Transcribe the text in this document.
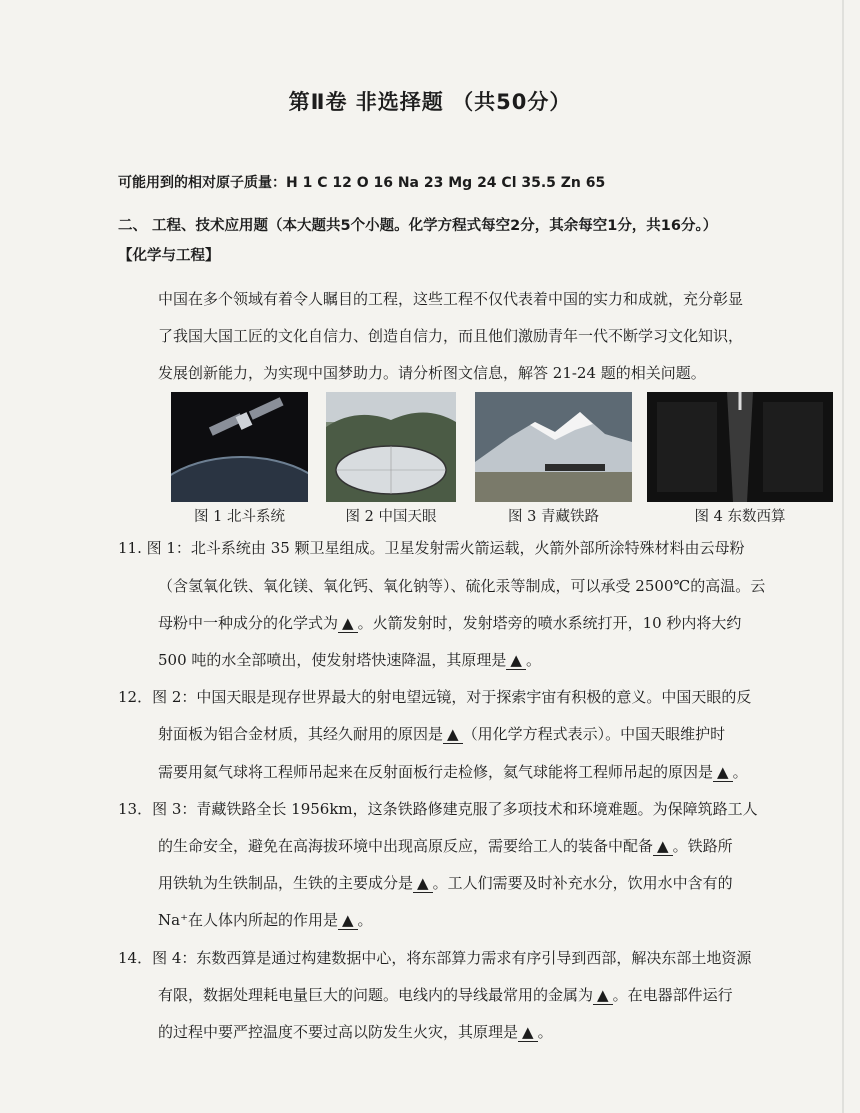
第Ⅱ卷 非选择题 （共50分）
可能用到的相对原子质量：H 1 C 12 O 16 Na 23 Mg 24 Cl 35.5 Zn 65
二、 工程、技术应用题（本大题共5个小题。化学方程式每空2分，其余每空1分，共16分。）
【化学与工程】
中国在多个领域有着令人瞩目的工程，这些工程不仅代表着中国的实力和成就，充分彰显
了我国大国工匠的文化自信力、创造自信力，而且他们激励青年一代不断学习文化知识，
发展创新能力，为实现中国梦助力。请分析图文信息，解答 21-24 题的相关问题。
图 1 北斗系统	图 2 中国天眼	图 3 青藏铁路	图 4 东数西算
11. 图 1：北斗系统由 35 颗卫星组成。卫星发射需火箭运载，火箭外部所涂特殊材料由云母粉
（含氢氧化铁、氧化镁、氧化钙、氧化钠等）、硫化汞等制成，可以承受 2500℃的高温。云
母粉中一种成分的化学式为 ▲ 。火箭发射时，发射塔旁的喷水系统打开，10 秒内将大约
500 吨的水全部喷出，使发射塔快速降温，其原理是 ▲ 。
12．图 2：中国天眼是现存世界最大的射电望远镜，对于探索宇宙有积极的意义。中国天眼的反
射面板为铝合金材质，其经久耐用的原因是 ▲ （用化学方程式表示）。中国天眼维护时
需要用氦气球将工程师吊起来在反射面板行走检修，氦气球能将工程师吊起的原因是 ▲ 。
13．图 3：青藏铁路全长 1956km，这条铁路修建克服了多项技术和环境难题。为保障筑路工人
的生命安全，避免在高海拔环境中出现高原反应，需要给工人的装备中配备 ▲ 。铁路所
用铁轨为生铁制品，生铁的主要成分是 ▲ 。工人们需要及时补充水分，饮用水中含有的
Na⁺在人体内所起的作用是 ▲ 。
14．图 4：东数西算是通过构建数据中心，将东部算力需求有序引导到西部，解决东部土地资源
有限，数据处理耗电量巨大的问题。电线内的导线最常用的金属为 ▲ 。在电器部件运行
的过程中要严控温度不要过高以防发生火灾，其原理是 ▲ 。
